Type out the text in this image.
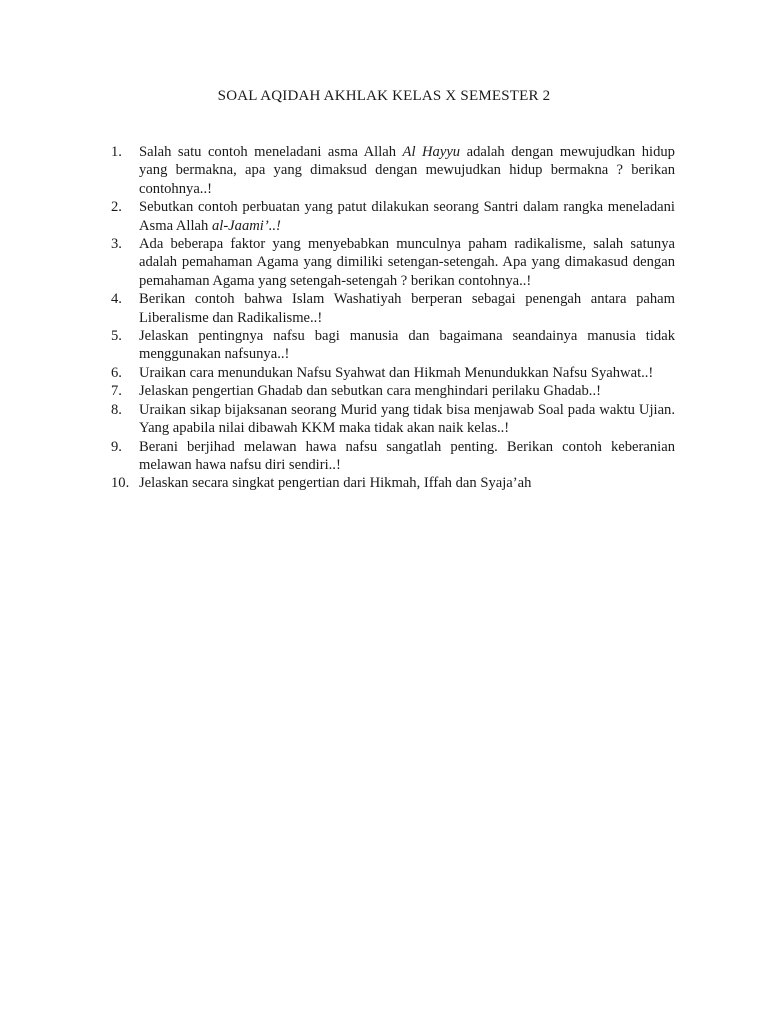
SOAL AQIDAH AKHLAK KELAS X SEMESTER 2
1.	Salah satu contoh meneladani asma Allah Al Hayyu adalah dengan mewujudkan hidup yang bermakna, apa yang dimaksud dengan mewujudkan hidup bermakna ? berikan contohnya..!
2.	Sebutkan contoh perbuatan yang patut dilakukan seorang Santri dalam rangka meneladani Asma Allah al-Jaami’..!
3.	Ada beberapa faktor yang menyebabkan munculnya paham radikalisme, salah satunya adalah pemahaman Agama yang dimiliki setengan-setengah. Apa yang dimakasud dengan pemahaman Agama yang setengah-setengah ? berikan contohnya..!
4.	Berikan contoh bahwa Islam Washatiyah berperan sebagai penengah antara paham Liberalisme dan Radikalisme..!
5.	Jelaskan pentingnya nafsu bagi manusia dan bagaimana seandainya manusia tidak menggunakan nafsunya..!
6.	Uraikan cara menundukan Nafsu Syahwat dan Hikmah Menundukkan Nafsu Syahwat..!
7.	Jelaskan pengertian Ghadab dan sebutkan cara menghindari perilaku Ghadab..!
8.	Uraikan sikap bijaksanan seorang Murid yang tidak bisa menjawab Soal pada waktu Ujian. Yang apabila nilai dibawah KKM maka tidak akan naik kelas..!
9.	Berani berjihad melawan hawa nafsu sangatlah penting. Berikan contoh keberanian melawan hawa nafsu diri sendiri..!
10. Jelaskan secara singkat pengertian dari Hikmah, Iffah dan Syaja’ah
